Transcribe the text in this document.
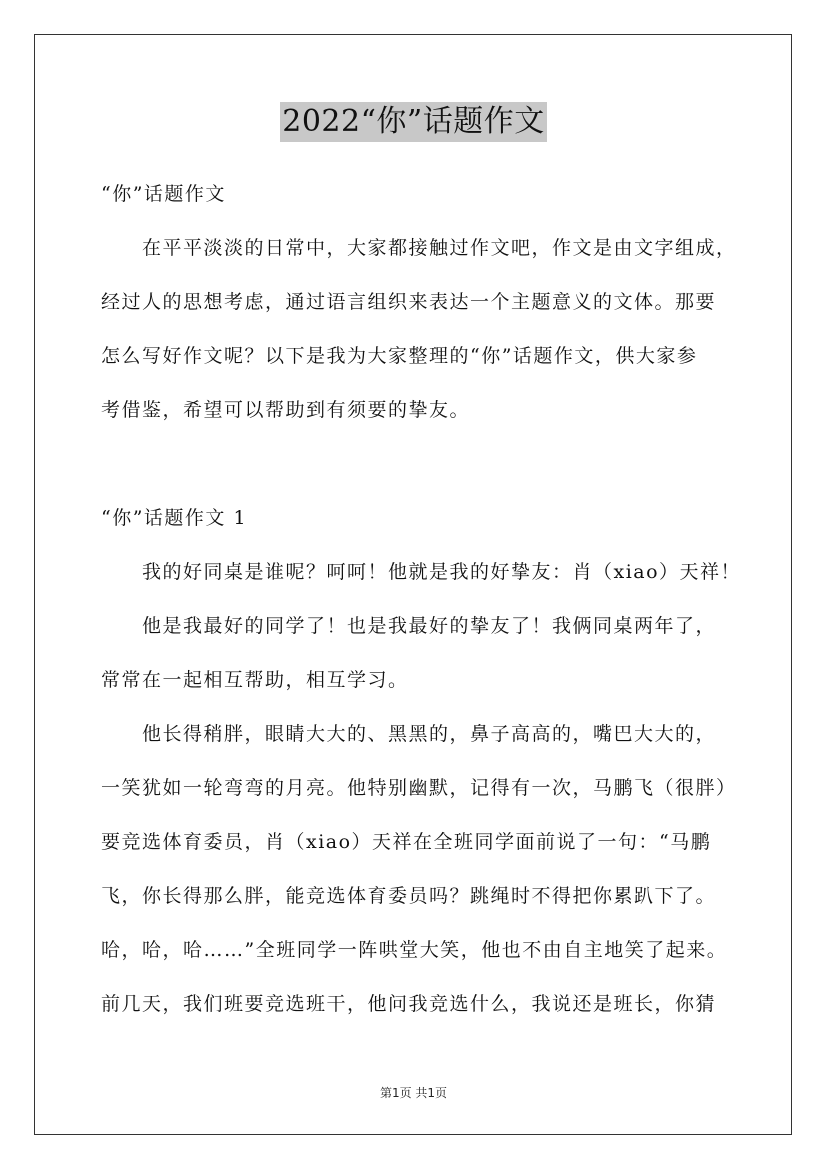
2022“你”话题作文
“你”话题作文
在平平淡淡的日常中，大家都接触过作文吧，作文是由文字组成，
经过人的思想考虑，通过语言组织来表达一个主题意义的文体。那要
怎么写好作文呢？以下是我为大家整理的“你”话题作文，供大家参
考借鉴，希望可以帮助到有须要的挚友。
“你”话题作文 1
我的好同桌是谁呢？呵呵！他就是我的好挚友：肖（xiao）天祥！
他是我最好的同学了！也是我最好的挚友了！我俩同桌两年了，
常常在一起相互帮助，相互学习。
他长得稍胖，眼睛大大的、黑黑的，鼻子高高的，嘴巴大大的，
一笑犹如一轮弯弯的月亮。他特别幽默，记得有一次，马鹏飞（很胖）
要竞选体育委员，肖（xiao）天祥在全班同学面前说了一句：“马鹏
飞，你长得那么胖，能竞选体育委员吗？跳绳时不得把你累趴下了。
哈，哈，哈……”全班同学一阵哄堂大笑，他也不由自主地笑了起来。
前几天，我们班要竞选班干，他问我竞选什么，我说还是班长，你猜
第1页 共1页
